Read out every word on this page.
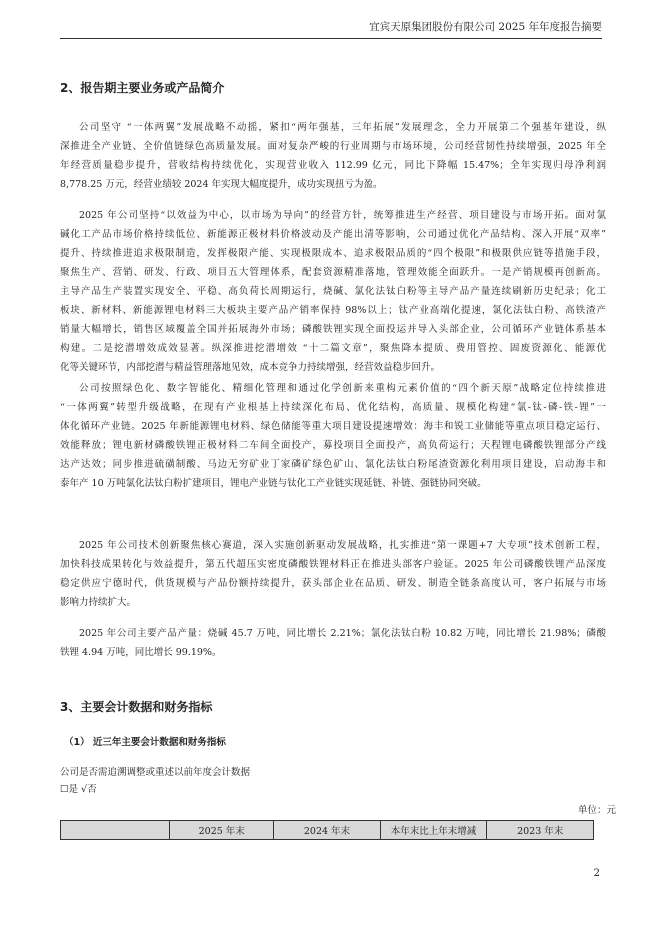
宜宾天原集团股份有限公司 2025 年年度报告摘要
2、报告期主要业务或产品简介
公司坚守 “一体两翼”发展战略不动摇，紧扣“两年强基，三年拓展”发展理念，全力开展第二个强基年建设，纵
深推进全产业链、全价值链绿色高质量发展。面对复杂严峻的行业周期与市场环境，公司经营韧性持续增强，2025 年全
年经营质量稳步提升，营收结构持续优化，实现营业收入 112.99 亿元，同比下降幅 15.47%；全年实现归母净利润
8,778.25 万元，经营业绩较 2024 年实现大幅度提升，成功实现扭亏为盈。
2025 年公司坚持“以效益为中心，以市场为导向”的经营方针，统筹推进生产经营、项目建设与市场开拓。面对氯
碱化工产品市场价格持续低位、新能源正极材料价格波动及产能出清等影响，公司通过优化产品结构、深入开展“双率”
提升、持续推进追求极限制造，发挥极限产能、实现极限成本、追求极限品质的“四个极限”和极限供应链等措施手段，
聚焦生产、营销、研发、行政、项目五大管理体系，配套资源精准落地，管理效能全面跃升。一是产销规模再创新高。
主导产品生产装置实现安全、平稳、高负荷长周期运行，烧碱、氯化法钛白粉等主导产品产量连续刷新历史纪录；化工
板块、新材料、新能源锂电材料三大板块主要产品产销率保持 98%以上；钛产业高端化提速，氯化法钛白粉、高铁渣产
销量大幅增长，销售区域覆盖全国并拓展海外市场；磷酸铁锂实现全面投运并导入头部企业，公司循环产业链体系基本
构建。二是挖潜增效成效显著。纵深推进挖潜增效 “十二篇文章”，聚焦降本提质、费用管控、固废资源化、能源优
化等关键环节，内部挖潜与精益管理落地见效，成本竞争力持续增强，经营效益稳步回升。
公司按照绿色化、数字智能化、精细化管理和通过化学创新来重构元素价值的“四个新天原”战略定位持续推进
“一体两翼”转型升级战略，在现有产业根基上持续深化布局、优化结构，高质量、规模化构建“氯-钛-磷-铁-锂”一
体化循环产业链。2025 年新能源锂电材料、绿色储能等重大项目建设提速增效：海丰和锐工业储能等重点项目稳定运行、
效能释放；锂电新材磷酸铁锂正极材料二车间全面投产，募投项目全面投产，高负荷运行；天程锂电磷酸铁锂部分产线
达产达效；同步推进硫磺制酸、马边无穷矿业丁家磷矿绿色矿山、氯化法钛白粉尾渣资源化利用项目建设，启动海丰和
泰年产 10 万吨氯化法钛白粉扩建项目，锂电产业链与钛化工产业链实现延链、补链、强链协同突破。
2025 年公司技术创新聚焦核心赛道，深入实施创新驱动发展战略，扎实推进“第一课题+7 大专项”技术创新工程，
加快科技成果转化与效益提升，第五代超压实密度磷酸铁锂材料正在推进头部客户验证。2025 年公司磷酸铁锂产品深度
稳定供应宁德时代，供货规模与产品份额持续提升，获头部企业在品质、研发、制造全链条高度认可，客户拓展与市场
影响力持续扩大。
2025 年公司主要产品产量：烧碱 45.7 万吨，同比增长 2.21%；氯化法钛白粉 10.82 万吨，同比增长 21.98%；磷酸
铁锂 4.94 万吨，同比增长 99.19%。
3、主要会计数据和财务指标
（1） 近三年主要会计数据和财务指标
公司是否需追溯调整或重述以前年度会计数据
☐是 √否
单位：元
	2025 年末	2024 年末	本年末比上年末增减	2023 年末
2
